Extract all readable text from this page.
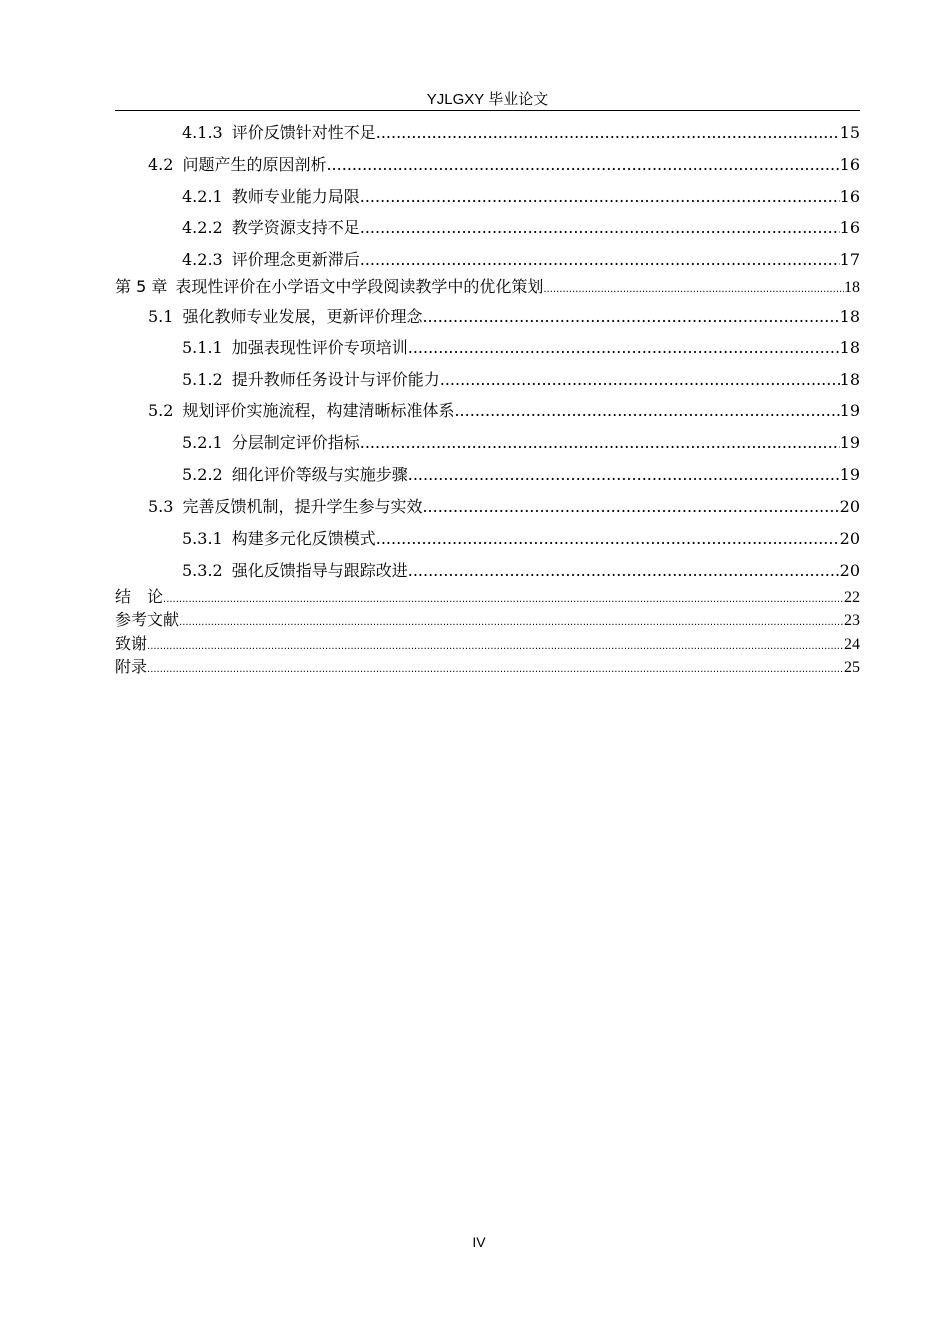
YJLGXY 毕业论文
4.1.3 评价反馈针对性不足 .....	15
4.2 问题产生的原因剖析 .....	16
4.2.1 教师专业能力局限 .....	16
4.2.2 教学资源支持不足 .....	16
4.2.3 评价理念更新滞后 .....	17
第 5 章 表现性评价在小学语文中学段阅读教学中的优化策划 .....	18
5.1 强化教师专业发展，更新评价理念 .....	18
5.1.1 加强表现性评价专项培训 .....	18
5.1.2 提升教师任务设计与评价能力 .....	18
5.2 规划评价实施流程，构建清晰标准体系 .....	19
5.2.1 分层制定评价指标 .....	19
5.2.2 细化评价等级与实施步骤 .....	19
5.3 完善反馈机制，提升学生参与实效 .....	20
5.3.1 构建多元化反馈模式 .....	20
5.3.2 强化反馈指导与跟踪改进 .....	20
结　论 .....	22
参考文献 .....	23
致谢 .....	24
附录 .....	25
IV
